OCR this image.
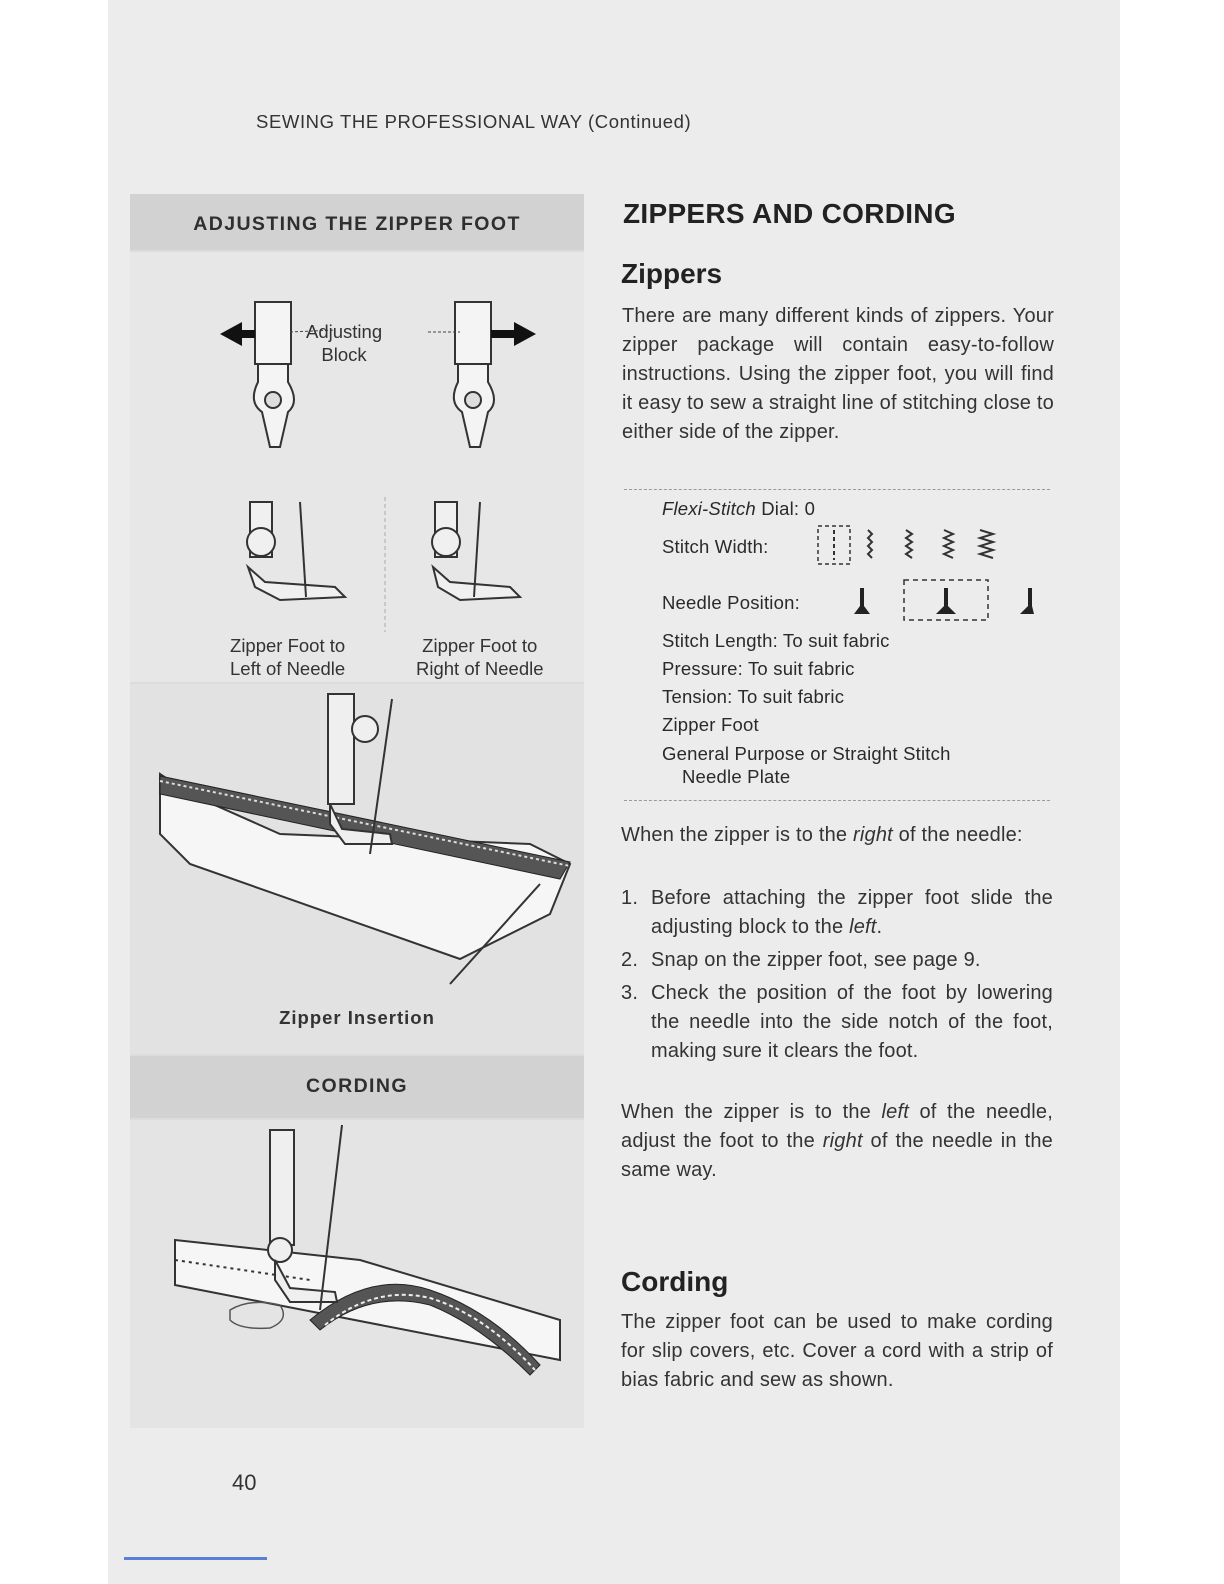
SEWING THE PROFESSIONAL WAY (Continued)
ADJUSTING THE ZIPPER FOOT
Adjusting
Block
Zipper Foot to
Left of Needle
Zipper Foot to
Right of Needle
Zipper Insertion
CORDING
ZIPPERS AND CORDING
Zippers
There are many different kinds of zippers. Your zipper package will contain easy-to-follow instructions. Using the zipper foot, you will find it easy to sew a straight line of stitching close to either side of the zipper.
Flexi-Stitch Dial: 0
Stitch Width:
Needle Position:
Stitch Length: To suit fabric
Pressure: To suit fabric
Tension: To suit fabric
Zipper Foot
General Purpose or Straight Stitch
Needle Plate
When the zipper is to the right of the needle:
1. Before attaching the zipper foot slide the adjusting block to the left.
2. Snap on the zipper foot, see page 9.
3. Check the position of the foot by lowering the needle into the side notch of the foot, making sure it clears the foot.
When the zipper is to the left of the needle, adjust the foot to the right of the needle in the same way.
Cording
The zipper foot can be used to make cording for slip covers, etc. Cover a cord with a strip of bias fabric and sew as shown.
40
